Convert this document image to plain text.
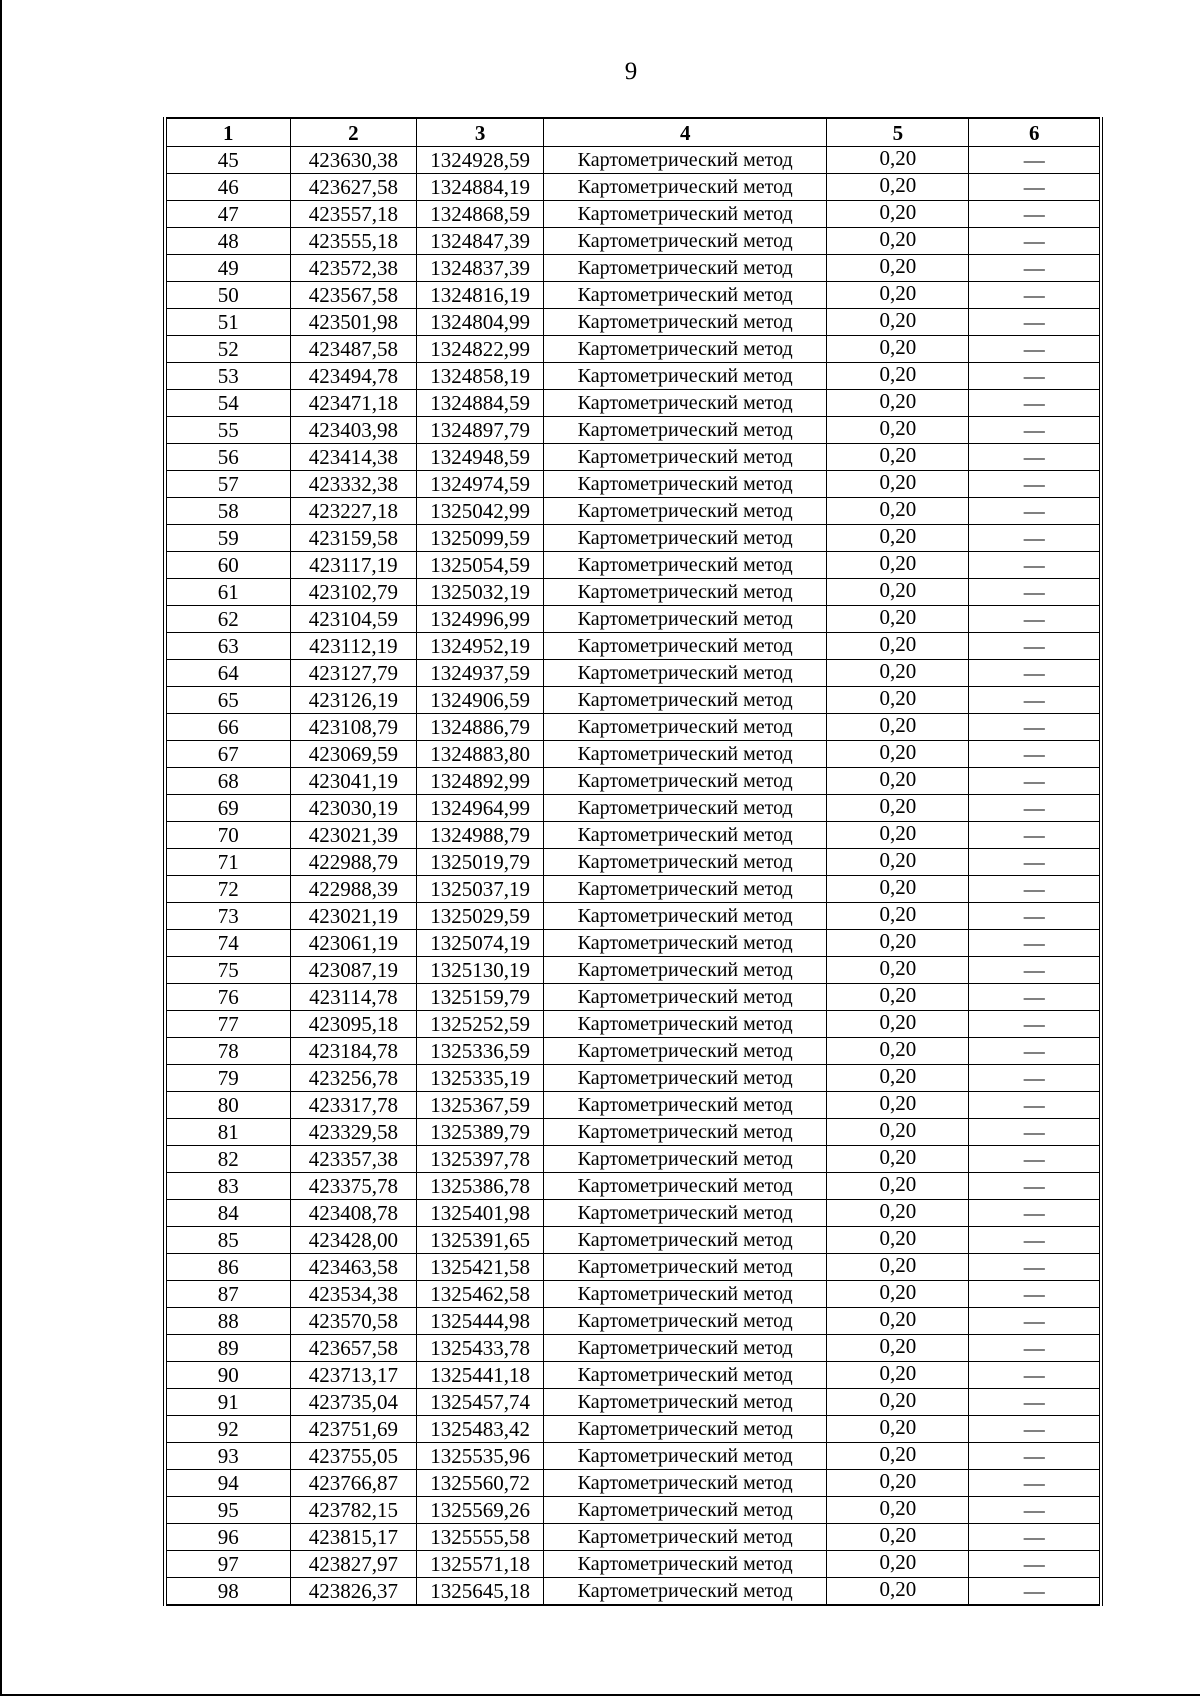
9
1	2	3	4	5	6
45	423630,38	1324928,59	Картометрический метод	0,20	—
46	423627,58	1324884,19	Картометрический метод	0,20	—
47	423557,18	1324868,59	Картометрический метод	0,20	—
48	423555,18	1324847,39	Картометрический метод	0,20	—
49	423572,38	1324837,39	Картометрический метод	0,20	—
50	423567,58	1324816,19	Картометрический метод	0,20	—
51	423501,98	1324804,99	Картометрический метод	0,20	—
52	423487,58	1324822,99	Картометрический метод	0,20	—
53	423494,78	1324858,19	Картометрический метод	0,20	—
54	423471,18	1324884,59	Картометрический метод	0,20	—
55	423403,98	1324897,79	Картометрический метод	0,20	—
56	423414,38	1324948,59	Картометрический метод	0,20	—
57	423332,38	1324974,59	Картометрический метод	0,20	—
58	423227,18	1325042,99	Картометрический метод	0,20	—
59	423159,58	1325099,59	Картометрический метод	0,20	—
60	423117,19	1325054,59	Картометрический метод	0,20	—
61	423102,79	1325032,19	Картометрический метод	0,20	—
62	423104,59	1324996,99	Картометрический метод	0,20	—
63	423112,19	1324952,19	Картометрический метод	0,20	—
64	423127,79	1324937,59	Картометрический метод	0,20	—
65	423126,19	1324906,59	Картометрический метод	0,20	—
66	423108,79	1324886,79	Картометрический метод	0,20	—
67	423069,59	1324883,80	Картометрический метод	0,20	—
68	423041,19	1324892,99	Картометрический метод	0,20	—
69	423030,19	1324964,99	Картометрический метод	0,20	—
70	423021,39	1324988,79	Картометрический метод	0,20	—
71	422988,79	1325019,79	Картометрический метод	0,20	—
72	422988,39	1325037,19	Картометрический метод	0,20	—
73	423021,19	1325029,59	Картометрический метод	0,20	—
74	423061,19	1325074,19	Картометрический метод	0,20	—
75	423087,19	1325130,19	Картометрический метод	0,20	—
76	423114,78	1325159,79	Картометрический метод	0,20	—
77	423095,18	1325252,59	Картометрический метод	0,20	—
78	423184,78	1325336,59	Картометрический метод	0,20	—
79	423256,78	1325335,19	Картометрический метод	0,20	—
80	423317,78	1325367,59	Картометрический метод	0,20	—
81	423329,58	1325389,79	Картометрический метод	0,20	—
82	423357,38	1325397,78	Картометрический метод	0,20	—
83	423375,78	1325386,78	Картометрический метод	0,20	—
84	423408,78	1325401,98	Картометрический метод	0,20	—
85	423428,00	1325391,65	Картометрический метод	0,20	—
86	423463,58	1325421,58	Картометрический метод	0,20	—
87	423534,38	1325462,58	Картометрический метод	0,20	—
88	423570,58	1325444,98	Картометрический метод	0,20	—
89	423657,58	1325433,78	Картометрический метод	0,20	—
90	423713,17	1325441,18	Картометрический метод	0,20	—
91	423735,04	1325457,74	Картометрический метод	0,20	—
92	423751,69	1325483,42	Картометрический метод	0,20	—
93	423755,05	1325535,96	Картометрический метод	0,20	—
94	423766,87	1325560,72	Картометрический метод	0,20	—
95	423782,15	1325569,26	Картометрический метод	0,20	—
96	423815,17	1325555,58	Картометрический метод	0,20	—
97	423827,97	1325571,18	Картометрический метод	0,20	—
98	423826,37	1325645,18	Картометрический метод	0,20	—
